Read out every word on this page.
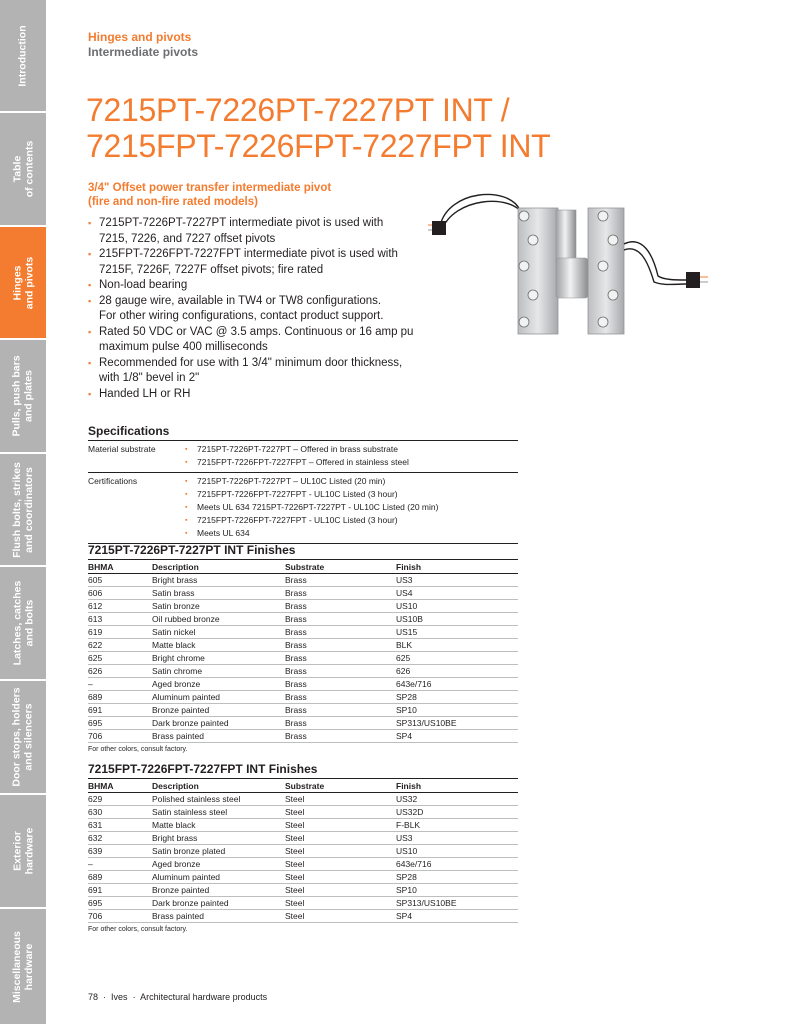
Introduction
Table
of contents
Hinges
and pivots
Pulls, push bars
and plates
Flush bolts, strikes
and coordinators
Latches, catches
and bolts
Door stops, holders
and silencers
Exterior
hardware
Miscellaneous
hardware
Hinges and pivots
Intermediate pivots
7215PT-7226PT-7227PT INT /
7215FPT-7226FPT-7227FPT INT
3/4" Offset power transfer intermediate pivot
(fire and non-fire rated models)
▪ 7215PT-7226PT-7227PT intermediate pivot is used with
7215, 7226, and 7227 offset pivots
▪ 215FPT-7226FPT-7227FPT intermediate pivot is used with
7215F, 7226F, 7227F offset pivots; fire rated
▪ Non-load bearing
▪ 28 gauge wire, available in TW4 or TW8 configurations.
For other wiring configurations, contact product support.
▪ Rated 50 VDC or VAC @ 3.5 amps. Continuous or 16 amp pu
maximum pulse 400 milliseconds
▪ Recommended for use with 1 3/4" minimum door thickness,
with 1/8" bevel in 2"
▪ Handed LH or RH
Specifications
Material substrate	▪ 7215PT-7226PT-7227PT – Offered in brass substrate
▪ 7215FPT-7226FPT-7227FPT – Offered in stainless steel
Certifications	▪ 7215PT-7226PT-7227PT – UL10C Listed (20 min)
▪ 7215FPT-7226FPT-7227FPT - UL10C Listed (3 hour)
▪ Meets UL 634 7215PT-7226PT-7227PT - UL10C Listed (20 min)
▪ 7215FPT-7226FPT-7227FPT - UL10C Listed (3 hour)
▪ Meets UL 634
7215PT-7226PT-7227PT INT Finishes
BHMA	Description	Substrate	Finish
605	Bright brass	Brass	US3
606	Satin brass	Brass	US4
612	Satin bronze	Brass	US10
613	Oil rubbed bronze	Brass	US10B
619	Satin nickel	Brass	US15
622	Matte black	Brass	BLK
625	Bright chrome	Brass	625
626	Satin chrome	Brass	626
–	Aged bronze	Brass	643e/716
689	Aluminum painted	Brass	SP28
691	Bronze painted	Brass	SP10
695	Dark bronze painted	Brass	SP313/US10BE
706	Brass painted	Brass	SP4
For other colors, consult factory.
7215FPT-7226FPT-7227FPT INT Finishes
BHMA	Description	Substrate	Finish
629	Polished stainless steel	Steel	US32
630	Satin stainless steel	Steel	US32D
631	Matte black	Steel	F-BLK
632	Bright brass	Steel	US3
639	Satin bronze plated	Steel	US10
–	Aged bronze	Steel	643e/716
689	Aluminum painted	Steel	SP28
691	Bronze painted	Steel	SP10
695	Dark bronze painted	Steel	SP313/US10BE
706	Brass painted	Steel	SP4
For other colors, consult factory.
78  ·  Ives  ·  Architectural hardware products
